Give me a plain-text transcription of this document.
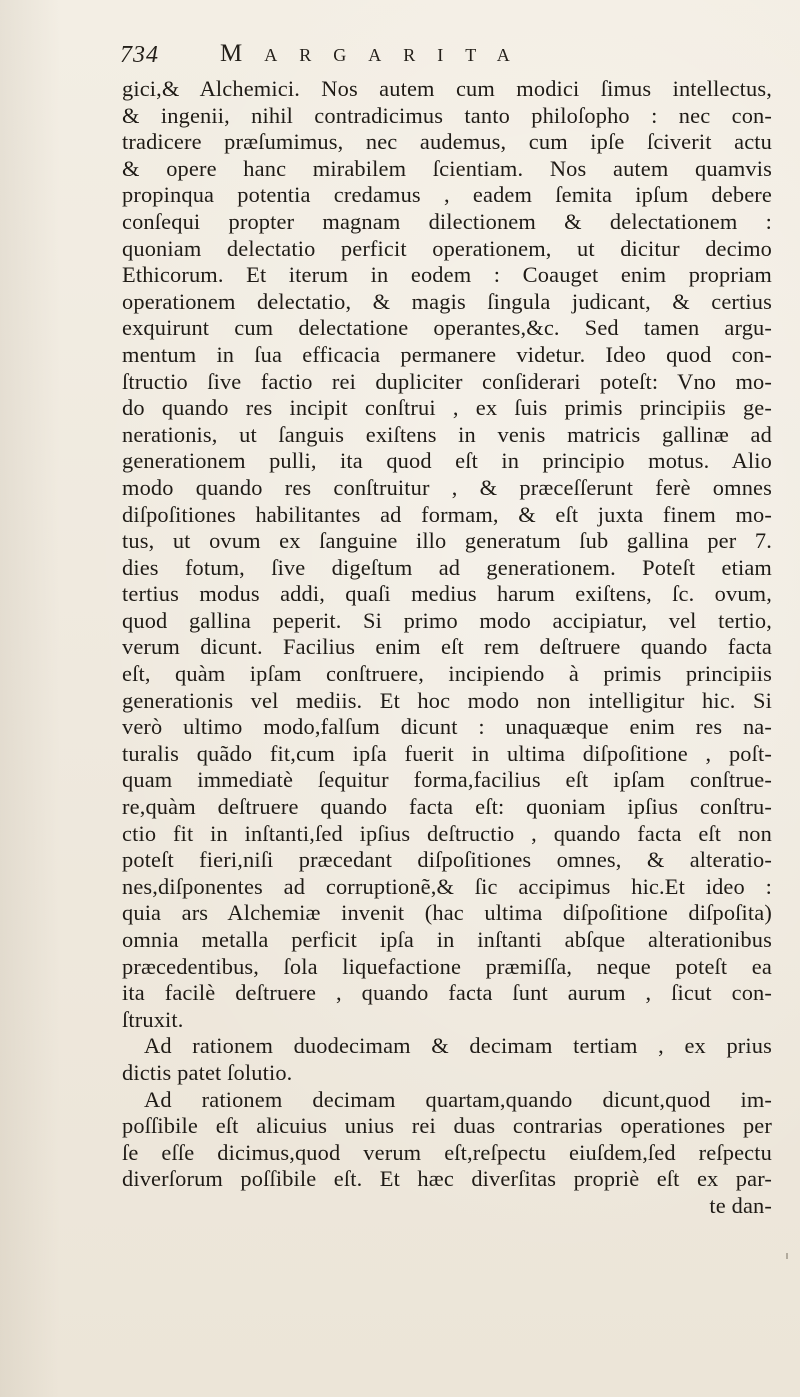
734 Margarita
gici,& Alchemici. Nos autem cum modici ſimus intellectus,
& ingenii, nihil contradicimus tanto philoſopho : nec con-
tradicere præſumimus, nec audemus, cum ipſe ſciverit actu
& opere hanc mirabilem ſcientiam. Nos autem quamvis
propinqua potentia credamus , eadem ſemita ipſum debere
conſequi propter magnam dilectionem & delectationem :
quoniam delectatio perficit operationem, ut dicitur decimo
Ethicorum. Et iterum in eodem : Coauget enim propriam
operationem delectatio, & magis ſingula judicant, & certius
exquirunt cum delectatione operantes,&c. Sed tamen argu-
mentum in ſua efficacia permanere videtur. Ideo quod con-
ſtructio ſive factio rei dupliciter conſiderari poteſt: Vno mo-
do quando res incipit conſtrui , ex ſuis primis principiis ge-
nerationis, ut ſanguis exiſtens in venis matricis gallinæ ad
generationem pulli, ita quod eſt in principio motus. Alio
modo quando res conſtruitur , & præceſſerunt ferè omnes
diſpoſitiones habilitantes ad formam, & eſt juxta finem mo-
tus, ut ovum ex ſanguine illo generatum ſub gallina per 7.
dies fotum, ſive digeſtum ad generationem. Poteſt etiam
tertius modus addi, quaſi medius harum exiſtens, ſc. ovum,
quod gallina peperit. Si primo modo accipiatur, vel tertio,
verum dicunt. Facilius enim eſt rem deſtruere quando facta
eſt, quàm ipſam conſtruere, incipiendo à primis principiis
generationis vel mediis. Et hoc modo non intelligitur hic. Si
verò ultimo modo,falſum dicunt : unaquæque enim res na-
turalis quãdo fit,cum ipſa fuerit in ultima diſpoſitione , poſt-
quam immediatè ſequitur forma,facilius eſt ipſam conſtrue-
re,quàm deſtruere quando facta eſt: quoniam ipſius conſtru-
ctio fit in inſtanti,ſed ipſius deſtructio , quando facta eſt non
poteſt fieri,niſi præcedant diſpoſitiones omnes, & alteratio-
nes,diſponentes ad corruptionẽ,& ſic accipimus hic.Et ideo :
quia ars Alchemiæ invenit (hac ultima diſpoſitione diſpoſita)
omnia metalla perficit ipſa in inſtanti abſque alterationibus
præcedentibus, ſola liquefactione præmiſſa, neque poteſt ea
ita facilè deſtruere , quando facta ſunt aurum , ſicut con-
ſtruxit.
Ad rationem duodecimam & decimam tertiam , ex prius
dictis patet ſolutio.
Ad rationem decimam quartam,quando dicunt,quod im-
poſſibile eſt alicuius unius rei duas contrarias operationes per
ſe eſſe dicimus,quod verum eſt,reſpectu eiuſdem,ſed reſpectu
diverſorum poſſibile eſt. Et hæc diverſitas propriè eſt ex par-
te dan-
